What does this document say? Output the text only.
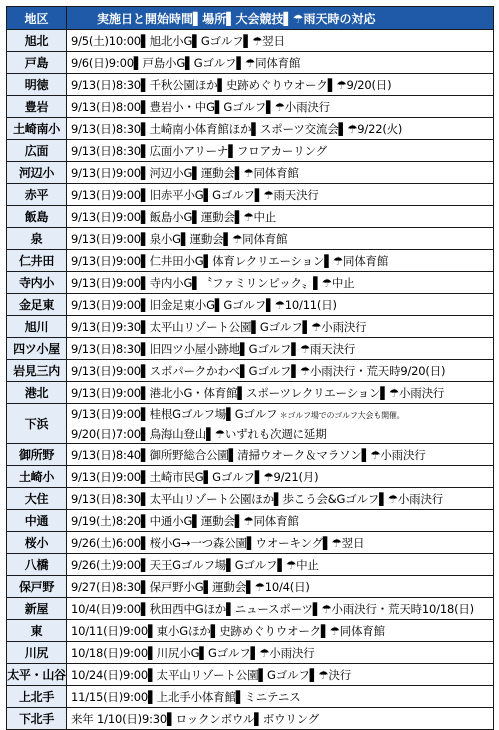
地区	実施日と開始時間▌場所▌大会競技▌☂雨天時の対応
旭北	9/5(土)10:00▌旭北小G▌Gゴルフ▌☂翌日

戸島	9/6(日)9:00▌戸島小G▌Gゴルフ▌☂同体育館

明徳	9/13(日)8:30▌千秋公園ほか▌史跡めぐりウオーク▌☂9/20(日)

豊岩	9/13(日)8:00▌豊岩小・中G▌Gゴルフ▌☂小雨決行

土崎南小	9/13(日)8:30▌土崎南小体育館ほか▌スポーツ交流会▌☂9/22(火)

広面	9/13(日)8:30▌広面小アリーナ▌フロアカーリング

河辺小	9/13(日)9:00▌河辺小G▌運動会▌☂同体育館

赤平	9/13(日)9:00▌旧赤平小G▌Gゴルフ▌☂雨天決行

飯島	9/13(日)9:00▌飯島小G▌運動会▌☂中止

泉	9/13(日)9:00▌泉小G▌運動会▌☂同体育館

仁井田	9/13(日)9:00▌仁井田小G▌体育レクリエーション▌☂同体育館

寺内小	9/13(日)9:00▌寺内小G▌〝ファミリンピック〟▌☂中止

金足東	9/13(日)9:00▌旧金足東小G▌Gゴルフ▌☂10/11(日)

旭川	9/13(日)9:30▌太平山リゾート公園▌Gゴルフ▌☂小雨決行

四ツ小屋	9/13(日)8:30▌旧四ツ小屋小跡地▌Gゴルフ▌☂雨天決行

岩見三内	9/13(日)9:00▌スポパークかわべ▌Gゴルフ▌☂小雨決行・荒天時9/20(日)

港北	9/13(日)9:00▌港北小G・体育館▌スポーツレクリエーション▌☂小雨決行

下浜	9/13(日)9:00▌桂根Gゴルフ場▌Gゴルフ ＊ゴルフ場でのゴルフ大会も開催。
9/20(日)7:00▌鳥海山登山▌☂いずれも次週に延期

御所野	9/13(日)8:40▌御所野総合公園▌清掃ウオーク＆マラソン▌☂小雨決行

土崎小	9/13(日)9:00▌土崎市民G▌Gゴルフ▌☂9/21(月)

大住	9/13(日)8:30▌太平山リゾート公園ほか▌歩こう会&Gゴルフ▌☂小雨決行

中通	9/19(土)8:20▌中通小G▌運動会▌☂同体育館

桜小	9/26(土)6:00▌桜小G→一つ森公園▌ウオーキング▌☂翌日

八橋	9/26(土)9:00▌天王Gゴルフ場▌Gゴルフ▌☂中止

保戸野	9/27(日)8:30▌保戸野小G▌運動会▌☂10/4(日)

新屋	10/4(日)9:00▌秋田西中Gほか▌ニュースポーツ▌☂小雨決行・荒天時10/18(日)

東	10/11(日)9:00▌東小Gほか▌史跡めぐりウオーク▌☂同体育館

川尻	10/18(日)9:00▌川尻小G▌Gゴルフ▌☂小雨決行

太平・山谷	10/24(日)9:00▌太平山リゾート公園▌Gゴルフ▌☂決行

上北手	11/15(日)9:00▌上北手小体育館▌ミニテニス

下北手	来年 1/10(日)9:30▌ロックンボウル▌ボウリング
